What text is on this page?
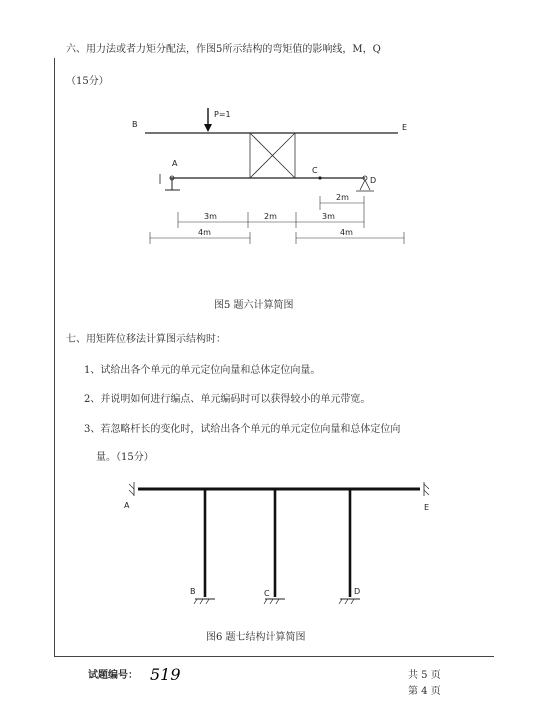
六、用力法或者力矩分配法，作图5所示结构的弯矩值的影响线，M，Q
（15分）
B	E
A
C
D
P=1
3m	2m
2m
3m
4m	4m
A	E
B	C	D
519
图5 题六计算简图
七、用矩阵位移法计算图示结构时：
1、试给出各个单元的单元定位向量和总体定位向量。
2、并说明如何进行编点、单元编码时可以获得较小的单元带宽。
3、若忽略杆长的变化时，试给出各个单元的单元定位向量和总体定位向
量。（15分）
图6 题七结构计算简图
试题编号：	共 5 页
第 4 页
